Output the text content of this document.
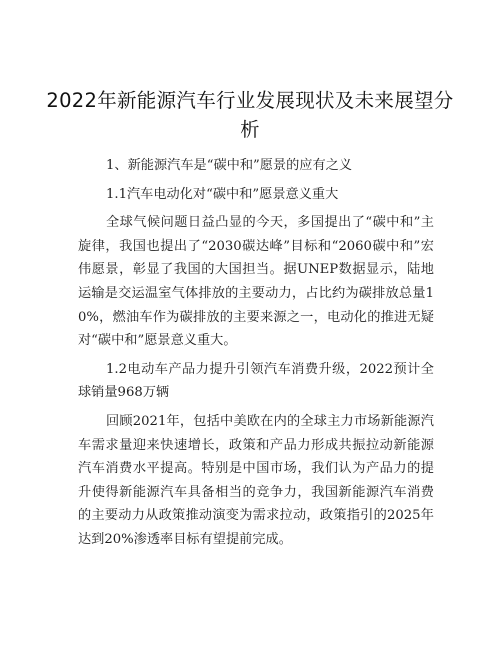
2022年新能源汽车行业发展现状及未来展望分析

1、新能源汽车是“碳中和”愿景的应有之义

1.1汽车电动化对“碳中和”愿景意义重大

全球气候问题日益凸显的今天，多国提出了“碳中和”主旋律，我国也提出了“2030碳达峰”目标和“2060碳中和”宏伟愿景，彰显了我国的大国担当。据UNEP数据显示，陆地运输是交运温室气体排放的主要动力，占比约为碳排放总量10%，燃油车作为碳排放的主要来源之一，电动化的推进无疑对“碳中和”愿景意义重大。

1.2电动车产品力提升引领汽车消费升级，2022预计全球销量968万辆

回顾2021年，包括中美欧在内的全球主力市场新能源汽车需求量迎来快速增长，政策和产品力形成共振拉动新能源汽车消费水平提高。特别是中国市场，我们认为产品力的提升使得新能源汽车具备相当的竞争力，我国新能源汽车消费的主要动力从政策推动演变为需求拉动，政策指引的2025年达到20%渗透率目标有望提前完成。
